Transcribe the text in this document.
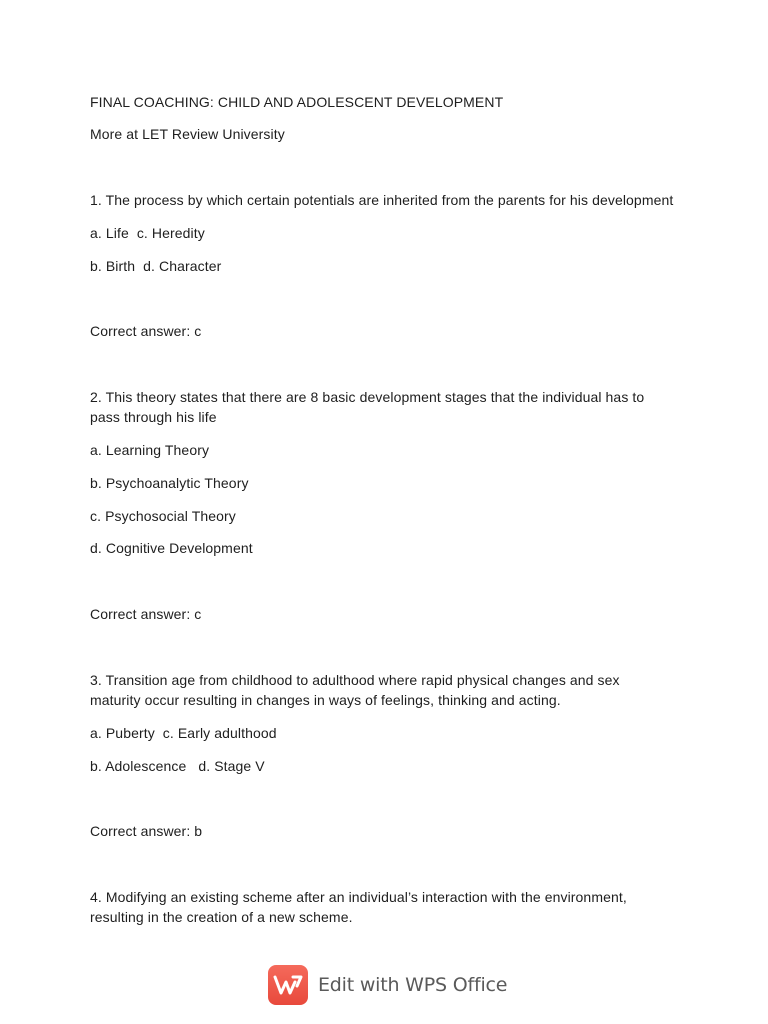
FINAL COACHING: CHILD AND ADOLESCENT DEVELOPMENT
More at LET Review University
1. The process by which certain potentials are inherited from the parents for his development
a. Life  c. Heredity
b. Birth  d. Character
Correct answer: c
2. This theory states that there are 8 basic development stages that the individual has to
pass through his life
a. Learning Theory
b. Psychoanalytic Theory
c. Psychosocial Theory
d. Cognitive Development
Correct answer: c
3. Transition age from childhood to adulthood where rapid physical changes and sex
maturity occur resulting in changes in ways of feelings, thinking and acting.
a. Puberty  c. Early adulthood
b. Adolescence   d. Stage V
Correct answer: b
4. Modifying an existing scheme after an individual’s interaction with the environment,
resulting in the creation of a new scheme.
Edit with WPS Office
